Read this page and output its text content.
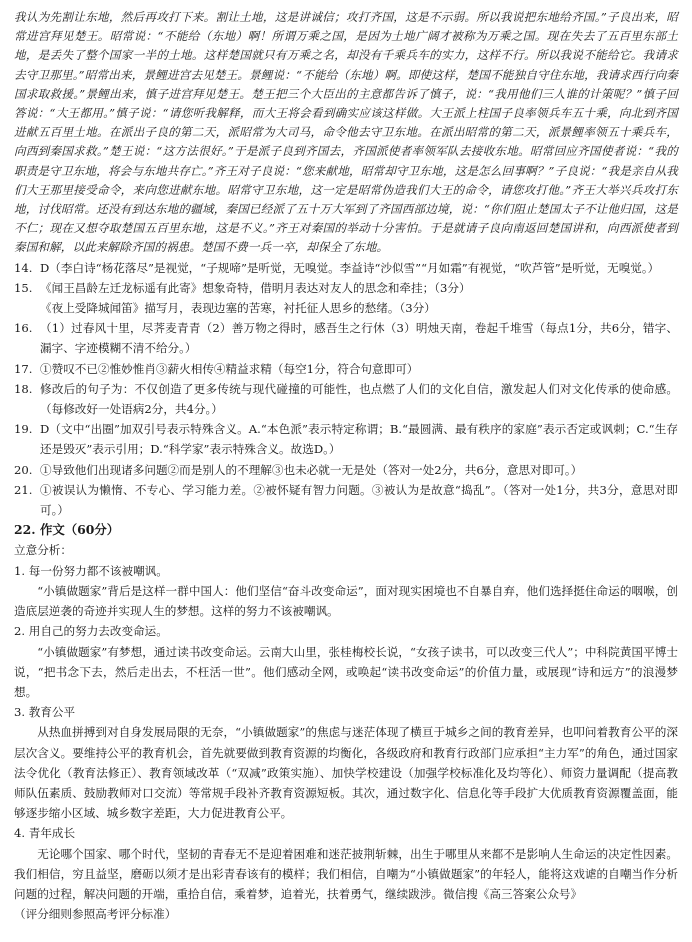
我认为先割让东地，然后再攻打下来。割让土地，这是讲诚信；攻打齐国，这是不示弱。所以我说把东地给齐国。”子良出来，昭常进宫拜见楚王。昭常说：“不能给（东地）啊！所谓万乘之国，是因为土地广阔才被称为万乘之国。现在失去了五百里东部土地，是丢失了整个国家一半的土地。这样楚国就只有万乘之名，却没有千乘兵车的实力，这样不行。所以我说不能给它。我请求去守卫那里。”昭常出来，景鲤进宫去见楚王。景鲤说：“不能给（东地）啊。即使这样，楚国不能独自守住东地，我请求西行向秦国求取救援。”景鲤出来，慎子进宫拜见楚王。楚王把三个大臣出的主意都告诉了慎子，说：“我用他们三人谁的计策呢？”慎子回答说：“大王都用。”慎子说：“请您听我解释，而大王将会看到确实应该这样做。大王派上柱国子良率领兵车五十乘，向北到齐国进献五百里土地。在派出子良的第二天，派昭常为大司马，命令他去守卫东地。在派出昭常的第二天，派景鲤率领五十乘兵车，向西到秦国求救。”楚王说：“这方法很好。”于是派子良到齐国去，齐国派使者率领军队去接收东地。昭常回应齐国使者说：“我的职责是守卫东地，将会与东地共存亡。”齐王对子良说：“您来献地，昭常却守卫东地，这是怎么回事啊？”子良说：“我是亲自从我们大王那里接受命令，来向您进献东地。昭常守卫东地，这一定是昭常伪造我们大王的命令，请您攻打他。”齐王大举兴兵攻打东地，讨伐昭常。还没有到达东地的疆域，秦国已经派了五十万大军到了齐国西部边境，说：“你们阻止楚国太子不让他归国，这是不仁；现在又想夺取楚国五百里东地，这是不义。”齐王对秦国的举动十分害怕。于是就请子良向南返回楚国讲和，向西派使者到秦国和解，以此来解除齐国的祸患。楚国不费一兵一卒，却保全了东地。

14. D（李白诗“杨花落尽”是视觉，“子规啼”是听觉，无嗅觉。李益诗“沙似雪”“月如霜”有视觉，“吹芦管”是听觉，无嗅觉。）
15. 《闻王昌龄左迁龙标遥有此寄》想象奇特，借明月表达对友人的思念和牵挂；（3分）

《夜上受降城闻笛》描写月，表现边塞的苦寒，衬托征人思乡的愁绪。（3分）

16. （1）过春风十里，尽荠麦青青（2）善万物之得时，感吾生之行休（3）明烛天南，卷起千堆雪（每点1分，共6分，错字、漏字、字迹模糊不清不给分。）
17. ①赞叹不已②惟妙惟肖③薪火相传④精益求精（每空1分，符合句意即可）
18. 修改后的句子为：不仅创造了更多传统与现代碰撞的可能性，也点燃了人们的文化自信，激发起人们对文化传承的使命感。（每修改好一处语病2分，共4分。）
19. D（文中“出圈”加双引号表示特殊含义。A.“本色派”表示特定称谓；B.“最圆满、最有秩序的家庭”表示否定或讽刺；C.“生存还是毁灭”表示引用；D.“科学家”表示特殊含义。故选D。）
20. ①导致他们出现诸多问题②而是别人的不理解③也未必就一无是处（答对一处2分，共6分，意思对即可。）
21. ①被误认为懒惰、不专心、学习能力差。②被怀疑有智力问题。③被认为是故意“捣乱”。（答对一处1分，共3分，意思对即可。）
22. 作文（60分）

立意分析：

1. 每一份努力都不该被嘲讽。

“小镇做题家”背后是这样一群中国人：他们坚信“奋斗改变命运”，面对现实困境也不自暴自弃，他们选择挺住命运的咽喉，创造底层逆袭的奇迹并实现人生的梦想。这样的努力不该被嘲讽。

2. 用自己的努力去改变命运。

“小镇做题家”有梦想，通过读书改变命运。云南大山里，张桂梅校长说，“女孩子读书，可以改变三代人”；中科院黄国平博士说，“把书念下去，然后走出去，不枉活一世”。他们感动全网，或唤起“读书改变命运”的价值力量，或展现“诗和远方”的浪漫梦想。

3. 教育公平

从热血拼搏到对自身发展局限的无奈，“小镇做题家”的焦虑与迷茫体现了横亘于城乡之间的教育差异，也叩问着教育公平的深层次含义。要维持公平的教育机会，首先就要做到教育资源的均衡化，各级政府和教育行政部门应承担“主力军”的角色，通过国家法令优化（教育法修正）、教育领域改革（“双减”政策实施）、加快学校建设（加强学校标准化及均等化）、师资力量调配（提高教师队伍素质、鼓励教师对口交流）等常规手段补齐教育资源短板。其次，通过数字化、信息化等手段扩大优质教育资源覆盖面，能够逐步缩小区域、城乡数字差距，大力促进教育公平。

4. 青年成长

无论哪个国家、哪个时代，坚韧的青春无不是迎着困难和迷茫披荆斩棘，出生于哪里从来都不是影响人生命运的决定性因素。我们相信，穷且益坚，磨砺以须才是出彩青春该有的模样；我们相信，自嘲为“小镇做题家”的年轻人，能将这戏谑的自嘲当作分析问题的过程，解决问题的开端，重拾自信，乘着梦，追着光，扶着勇气，继续跋涉。微信搜《高三答案公众号》

（评分细则参照高考评分标准）
